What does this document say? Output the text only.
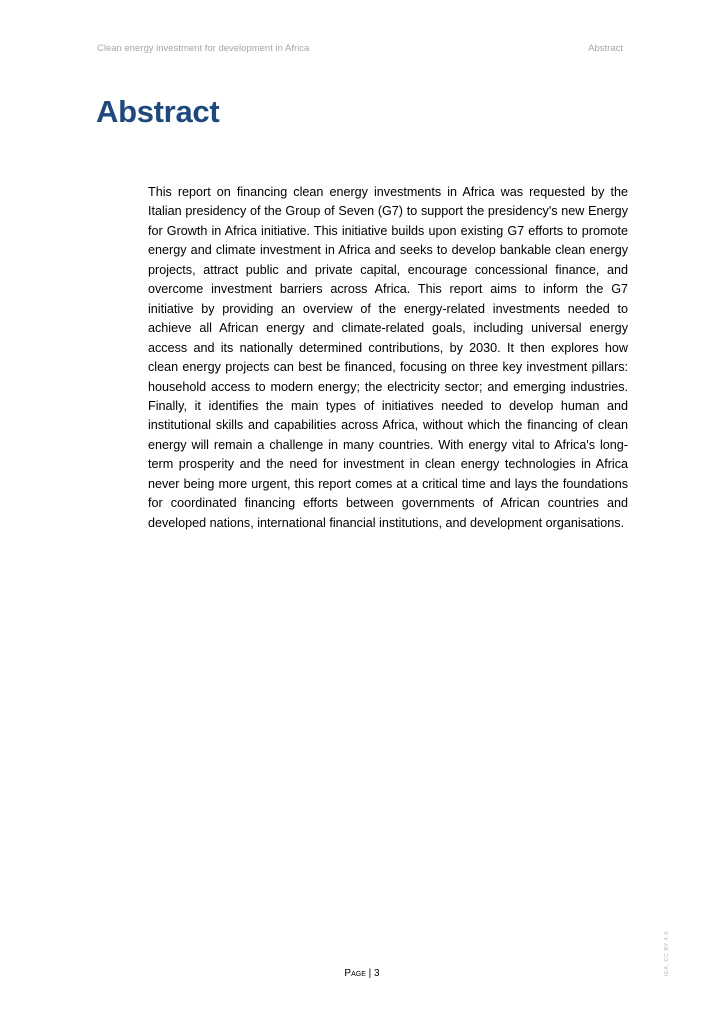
Clean energy investment for development in Africa	Abstract
Abstract

This report on financing clean energy investments in Africa was requested by the Italian presidency of the Group of Seven (G7) to support the presidency's new Energy for Growth in Africa initiative. This initiative builds upon existing G7 efforts to promote energy and climate investment in Africa and seeks to develop bankable clean energy projects, attract public and private capital, encourage concessional finance, and overcome investment barriers across Africa. This report aims to inform the G7 initiative by providing an overview of the energy-related investments needed to achieve all African energy and climate-related goals, including universal energy access and its nationally determined contributions, by 2030. It then explores how clean energy projects can best be financed, focusing on three key investment pillars: household access to modern energy; the electricity sector; and emerging industries. Finally, it identifies the main types of initiatives needed to develop human and institutional skills and capabilities across Africa, without which the financing of clean energy will remain a challenge in many countries. With energy vital to Africa's long-term prosperity and the need for investment in clean energy technologies in Africa never being more urgent, this report comes at a critical time and lays the foundations for coordinated financing efforts between governments of African countries and developed nations, international financial institutions, and development organisations.

Page | 3	IEA. CC BY 4.0.
